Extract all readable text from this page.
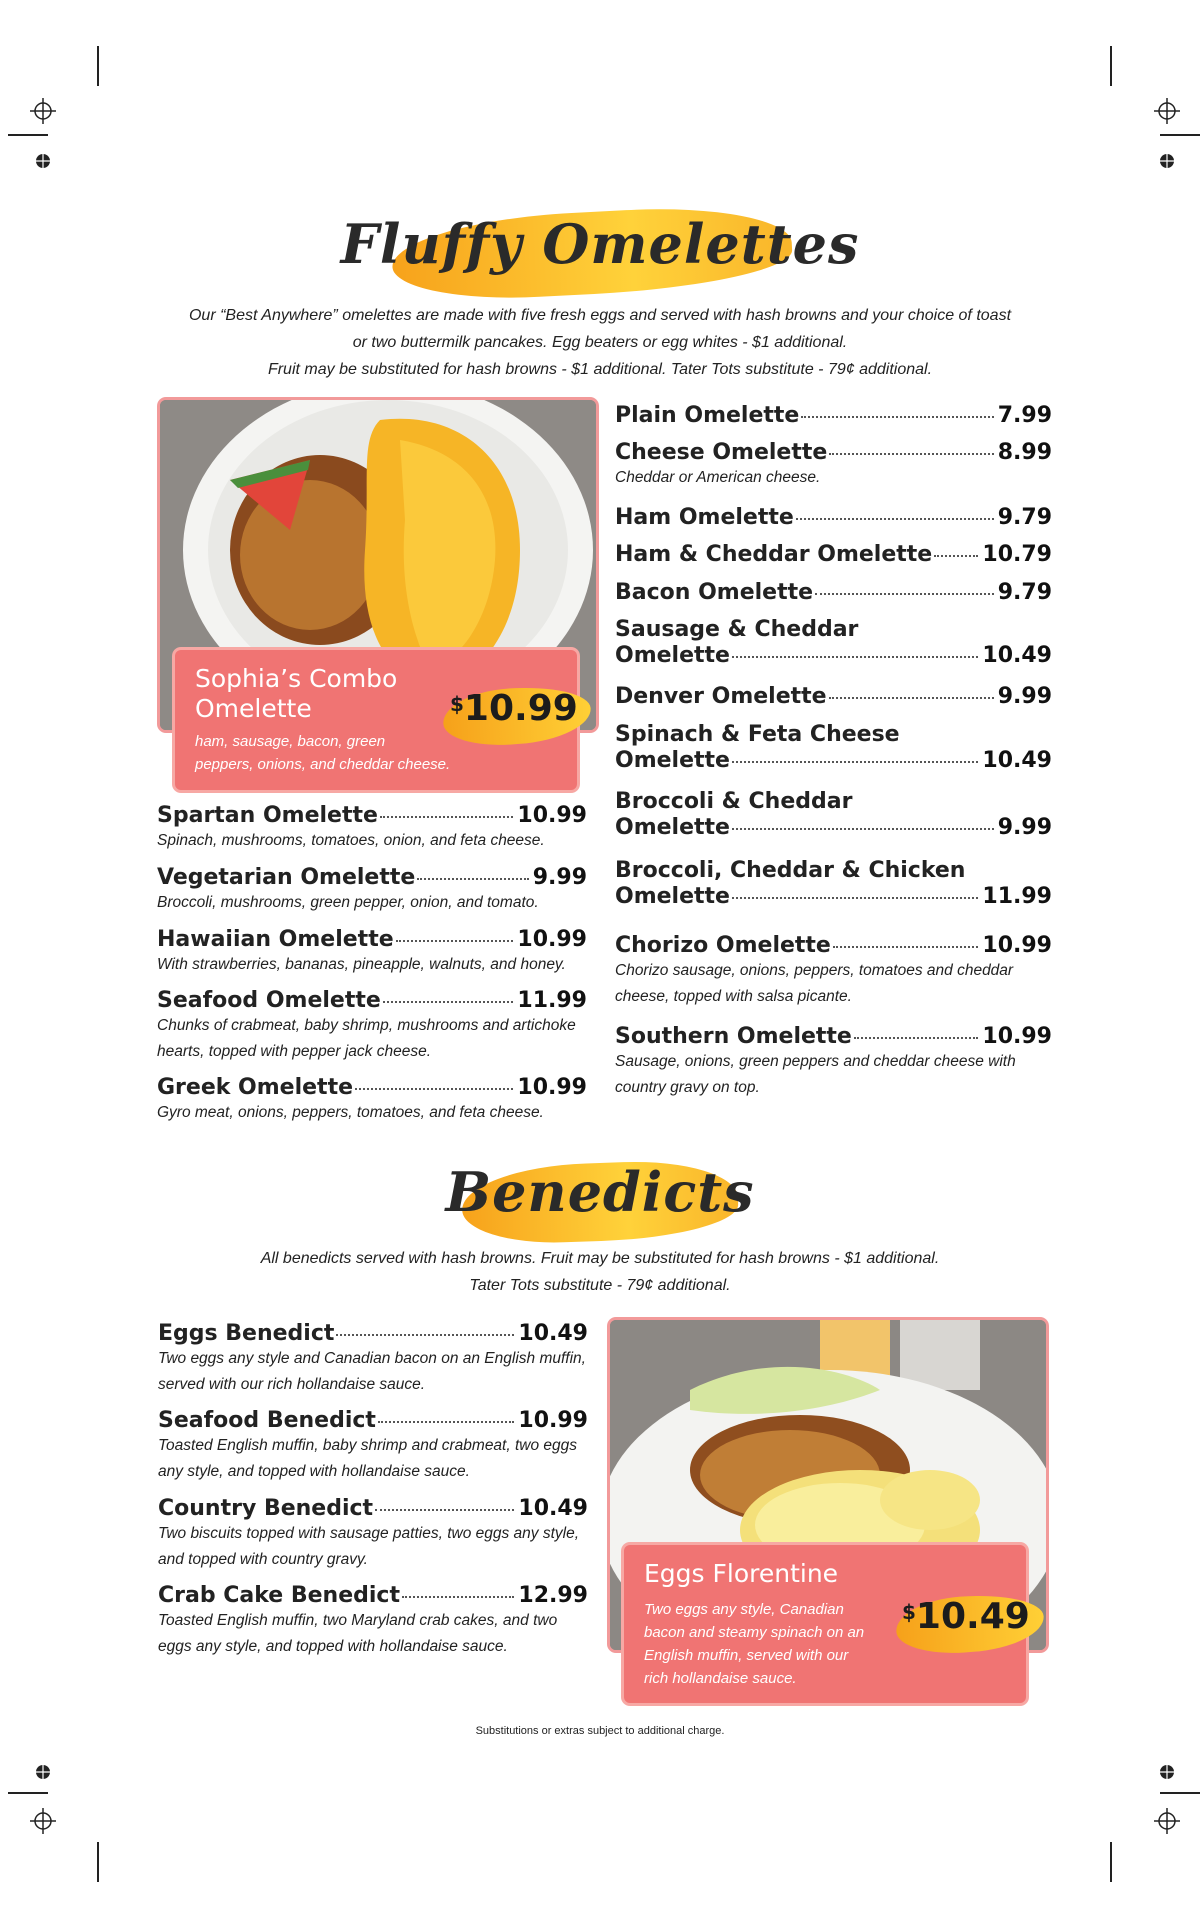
Fluffy Omelettes
Our “Best Anywhere” omelettes are made with five fresh eggs and served with hash browns and your choice of toast
or two buttermilk pancakes. Egg beaters or egg whites - $1 additional.
Fruit may be substituted for hash browns - $1 additional. Tater Tots substitute - 79¢ additional.
Sophia’s Combo
Omelette
ham, sausage, bacon, green
peppers, onions, and cheddar cheese.
$10.99
Spartan Omelette	10.99
Spinach, mushrooms, tomatoes, onion, and feta cheese.
Vegetarian Omelette	9.99
Broccoli, mushrooms, green pepper, onion, and tomato.
Hawaiian Omelette	10.99
With strawberries, bananas, pineapple, walnuts, and honey.
Seafood Omelette	11.99
Chunks of crabmeat, baby shrimp, mushrooms and artichoke
hearts, topped with pepper jack cheese.
Greek Omelette	10.99
Gyro meat, onions, peppers, tomatoes, and feta cheese.
Plain Omelette	7.99
Cheese Omelette	8.99
Cheddar or American cheese.
Ham Omelette	9.79
Ham & Cheddar Omelette 10.79
Bacon Omelette	9.79
Sausage & Cheddar
Omelette	10.49
Denver Omelette	9.99
Spinach & Feta Cheese
Omelette	10.49
Broccoli & Cheddar
Omelette	9.99
Broccoli, Cheddar & Chicken
Omelette	11.99
Chorizo Omelette	10.99
Chorizo sausage, onions, peppers, tomatoes and cheddar
cheese, topped with salsa picante.
Southern Omelette	10.99
Sausage, onions, green peppers and cheddar cheese with
country gravy on top.
Benedicts
All benedicts served with hash browns. Fruit may be substituted for hash browns - $1 additional.
Tater Tots substitute - 79¢ additional.
Eggs Benedict	10.49
Two eggs any style and Canadian bacon on an English muffin,
served with our rich hollandaise sauce.
Seafood Benedict	10.99
Toasted English muffin, baby shrimp and crabmeat, two eggs
any style, and topped with hollandaise sauce.
Country Benedict	10.49
Two biscuits topped with sausage patties, two eggs any style,
and topped with country gravy.
Crab Cake Benedict	12.99
Toasted English muffin, two Maryland crab cakes, and two
eggs any style, and topped with hollandaise sauce.
Eggs Florentine
Two eggs any style, Canadian
bacon and steamy spinach on an
English muffin, served with our
rich hollandaise sauce.
$10.49
Substitutions or extras subject to additional charge.
